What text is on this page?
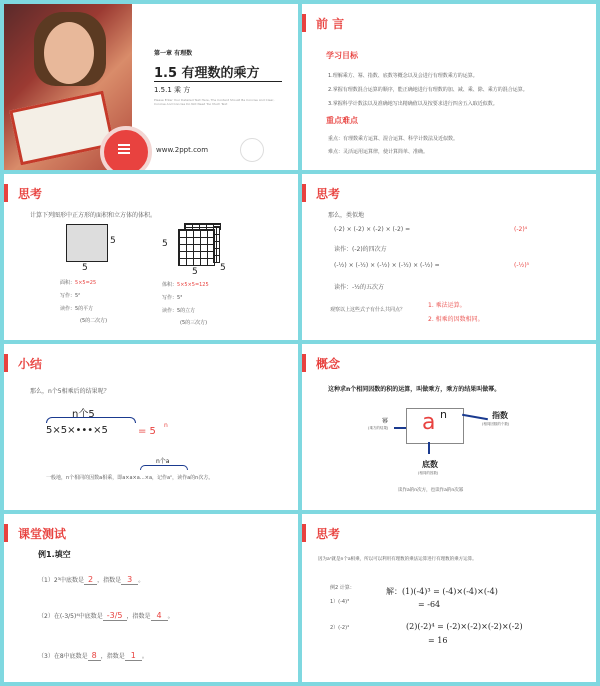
第一章 有理数
1.5 有理数的乘方
1.5.1 乘 方
Please Enter Your Detailed Text Here, The Content Should Be Concise And Clear, Concise And Concise Do Not Need Too Much Text
www.2ppt.com
前 言
学习目标
1.理解乘方、幂、指数、底数等概念以及会进行有理数乘方的运算。
2.掌握有理数混合运算的顺序，能正确地进行有理数的加、减、乘、除、乘方的混合运算。
3.掌握科学计数法以及准确地写出精确值以及按要求进行四舍五入取近似数。
重点难点
重点：有理数乘方运算、混合运算、科学计数法及近似数。
难点：灵活运用运算律，使计算简单、准确。
思考
计算下列图形中正方形的面积和立方体的体积。
5
5
5
5 5
面积：5×5=25
写作：5²
读作：5的平方
(5的二次方)
体积：5×5×5=125
写作：5³
读作：5的立方
(5的三次方)
思考
那么，类似地
(-2) × (-2) × (-2) × (-2) =	(-2)⁴
读作：(-2)的四次方
(-½) × (-½) × (-½) × (-½) × (-½) =	(-½)⁵
读作：-½的五次方
观察以上这些式子有什么共同点？
1. 乘法运算。
2. 相乘的因数相同。
小结
那么，n个5相乘后的结果呢？
n个5
5×5×•••×5	= 5
n
n个a
一般地，n个相同的因数a相乘，即a×a×a…×a，记作aⁿ，读作a的n次方。
概念
这种求n个相同因数的积的运算，叫做乘方，乘方的结果叫做幂。
a n
幂
(乘方的结果)
指数
(相同因数的个数)
底数
(相同的因数)
读作a的n次方，也读作a的n次幂
课堂测试
例1.填空
（1）2³中底数是 2 ，指数是 3 。
（2）在(-3/5)⁴中底数是 -3/5 ，指数是 4 。
（3）在8中底数是 8 ，指数是 1 。
思考
因为aⁿ就是n个a相乘，所以可以利用有理数的乘法运算进行有理数的乘方运算。
例2 计算：
1）(-4)³
2）(-2)⁴
解：(1)(-4)³ = (-4)×(-4)×(-4)
= -64
(2)(-2)⁴ = (-2)×(-2)×(-2)×(-2)
= 16
